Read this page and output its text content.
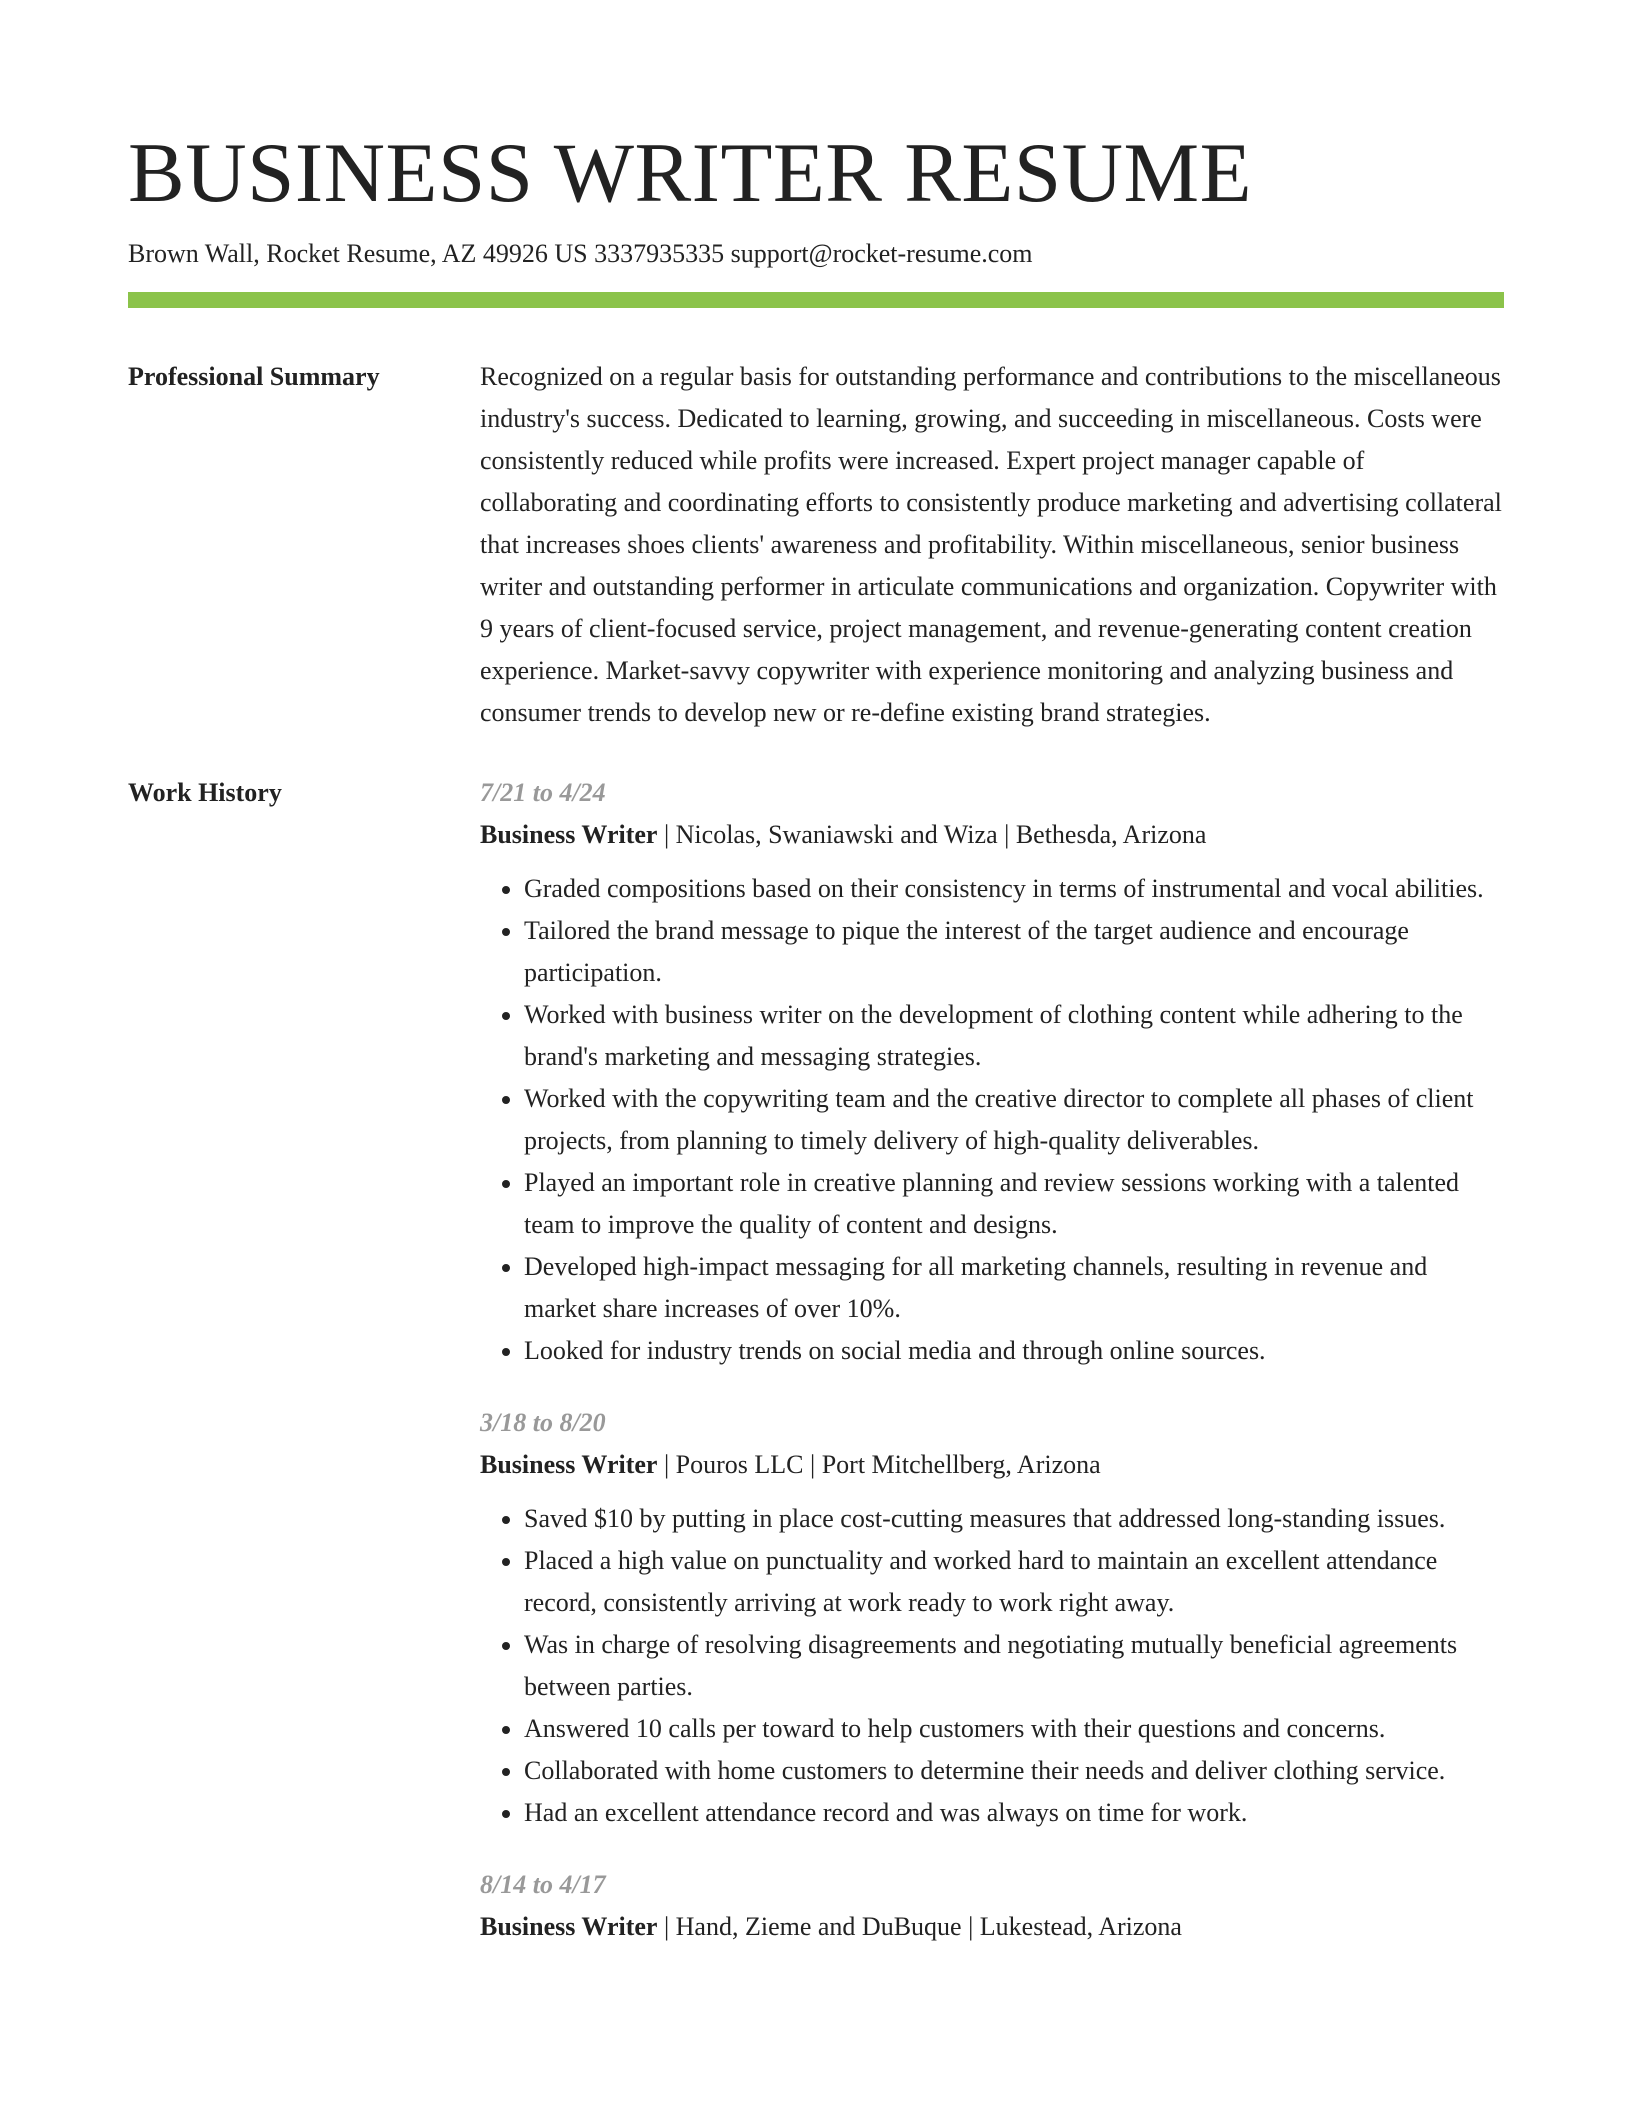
BUSINESS WRITER RESUME
Brown Wall, Rocket Resume, AZ 49926 US 3337935335 support@rocket-resume.com
Professional Summary	Recognized on a regular basis for outstanding performance and contributions to the miscellaneous industry's success. Dedicated to learning, growing, and succeeding in miscellaneous. Costs were consistently reduced while profits were increased. Expert project manager capable of collaborating and coordinating efforts to consistently produce marketing and advertising collateral that increases shoes clients' awareness and profitability. Within miscellaneous, senior business writer and outstanding performer in articulate communications and organization. Copywriter with 9 years of client-focused service, project management, and revenue-generating content creation experience. Market-savvy copywriter with experience monitoring and analyzing business and consumer trends to develop new or re-define existing brand strategies.

Work History	7/21 to 4/24
Business Writer | Nicolas, Swaniawski and Wiza | Bethesda, Arizona
• Graded compositions based on their consistency in terms of instrumental and vocal abilities.
• Tailored the brand message to pique the interest of the target audience and encourage participation.
• Worked with business writer on the development of clothing content while adhering to the brand's marketing and messaging strategies.
• Worked with the copywriting team and the creative director to complete all phases of client projects, from planning to timely delivery of high-quality deliverables.
• Played an important role in creative planning and review sessions working with a talented team to improve the quality of content and designs.
• Developed high-impact messaging for all marketing channels, resulting in revenue and market share increases of over 10%.
• Looked for industry trends on social media and through online sources.
3/18 to 8/20
Business Writer | Pouros LLC | Port Mitchellberg, Arizona
• Saved $10 by putting in place cost-cutting measures that addressed long-standing issues.
• Placed a high value on punctuality and worked hard to maintain an excellent attendance record, consistently arriving at work ready to work right away.
• Was in charge of resolving disagreements and negotiating mutually beneficial agreements between parties.
• Answered 10 calls per toward to help customers with their questions and concerns.
• Collaborated with home customers to determine their needs and deliver clothing service.
• Had an excellent attendance record and was always on time for work.
8/14 to 4/17
Business Writer | Hand, Zieme and DuBuque | Lukestead, Arizona
